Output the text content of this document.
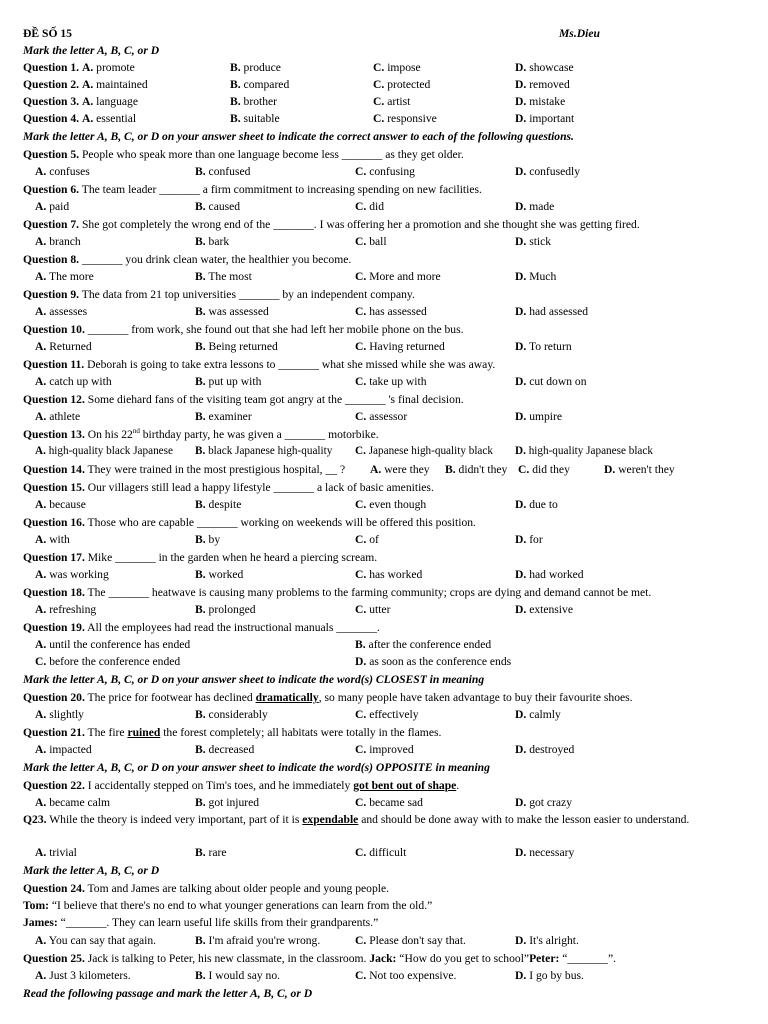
ĐỀ SỐ 15	Ms.Dieu
Mark the letter A, B, C, or D
Question 1. A. promote	B. produce	C. impose	D. showcase
Question 2. A. maintained	B. compared	C. protected	D. removed
Question 3. A. language	B. brother	C. artist	D. mistake
Question 4. A. essential	B. suitable	C. responsive	D. important
Mark the letter A, B, C, or D on your answer sheet to indicate the correct answer to each of the following questions.
Question 5. People who speak more than one language become less _______ as they get older.
A. confuses	B. confused	C. confusing	D. confusedly
Question 6. The team leader _______ a firm commitment to increasing spending on new facilities.
A. paid	B. caused	C. did	D. made
Question 7. She got completely the wrong end of the _______. I was offering her a promotion and she thought she was getting fired.
A. branch	B. bark	C. ball	D. stick
Question 8. _______ you drink clean water, the healthier you become.
A. The more	B. The most	C. More and more	D. Much
Question 9. The data from 21 top universities _______ by an independent company.
A. assesses	B. was assessed	C. has assessed	D. had assessed
Question 10. _______ from work, she found out that she had left her mobile phone on the bus.
A. Returned	B. Being returned	C. Having returned	D. To return
Question 11. Deborah is going to take extra lessons to _______ what she missed while she was away.
A. catch up with	B. put up with	C. take up with	D. cut down on
Question 12. Some diehard fans of the visiting team got angry at the _______ 's final decision.
A. athlete	B. examiner	C. assessor	D. umpire
Question 13. On his 22nd birthday party, he was given a _______ motorbike.
A. high-quality black Japanese B. black Japanese high-quality C. Japanese high-quality black D. high-quality Japanese black
Question 14. They were trained in the most prestigious hospital, __ ?	A. were they B. didn't they C. did they	D. weren't they
Question 15. Our villagers still lead a happy lifestyle _______ a lack of basic amenities.
A. because	B. despite	C. even though	D. due to
Question 16. Those who are capable _______ working on weekends will be offered this position.
A. with	B. by	C. of	D. for
Question 17. Mike _______ in the garden when he heard a piercing scream.
A. was working	B. worked	C. has worked	D. had worked
Question 18. The _______ heatwave is causing many problems to the farming community; crops are dying and demand cannot be met.
A. refreshing	B. prolonged	C. utter	D. extensive
Question 19. All the employees had read the instructional manuals _______.
A. until the conference has ended	B. after the conference ended
C. before the conference ended	D. as soon as the conference ends
Mark the letter A, B, C, or D on your answer sheet to indicate the word(s) CLOSEST in meaning
Question 20. The price for footwear has declined dramatically, so many people have taken advantage to buy their favourite shoes.
A. slightly	B. considerably	C. effectively	D. calmly
Question 21. The fire ruined the forest completely; all habitats were totally in the flames.
A. impacted	B. decreased	C. improved	D. destroyed
Mark the letter A, B, C, or D on your answer sheet to indicate the word(s) OPPOSITE in meaning
Question 22. I accidentally stepped on Tim's toes, and he immediately got bent out of shape.
A. became calm	B. got injured	C. became sad	D. got crazy
Q23. While the theory is indeed very important, part of it is expendable and should be done away with to make the lesson easier to understand.
A. trivial	B. rare	C. difficult	D. necessary
Mark the letter A, B, C, or D
Question 24. Tom and James are talking about older people and young people.
Tom: “I believe that there's no end to what younger generations can learn from the old.”
James: “_______. They can learn useful life skills from their grandparents.”
A. You can say that again.	B. I'm afraid you're wrong.	C. Please don't say that.	D. It's alright.
Question 25. Jack is talking to Peter, his new classmate, in the classroom. Jack: “How do you get to school”Peter: “_______”.
A. Just 3 kilometers.	B. I would say no.	C. Not too expensive.	D. I go by bus.
Read the following passage and mark the letter A, B, C, or D
